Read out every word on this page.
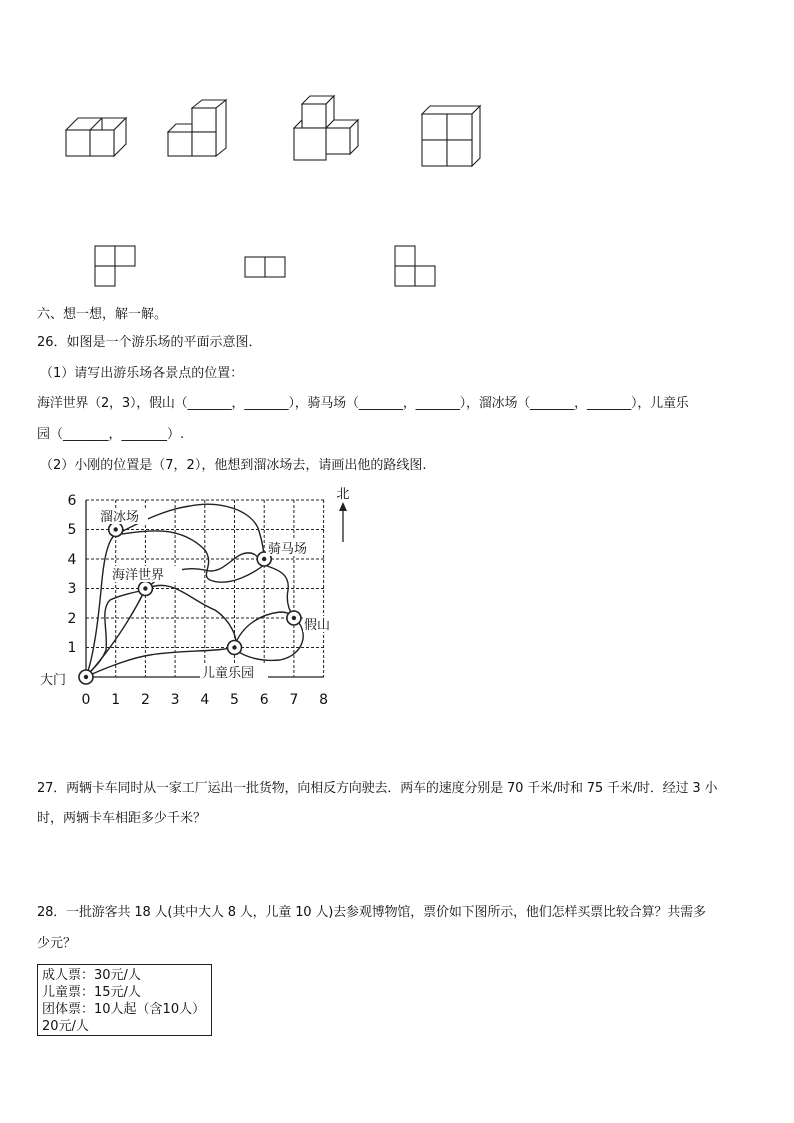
六、想一想，解一解。
26．如图是一个游乐场的平面示意图．
（1）请写出游乐场各景点的位置：
海洋世界（2，3），假山（_______，_______），骑马场（_______，_______），溜冰场（_______，_______），儿童乐
园（_______，_______）.
（2）小刚的位置是（7，2），他想到溜冰场去，请画出他的路线图.
溜冰场
骑马场
海洋世界
假山
儿童乐园
大门
0 1 2 3 4 5 6 7 8
1
2
3
4
5
6	北
27．两辆卡车同时从一家工厂运出一批货物，向相反方向驶去．两车的速度分别是 70 千米/时和 75 千米/时．经过 3 小
时，两辆卡车相距多少千米？
28．一批游客共 18 人(其中大人 8 人，儿童 10 人)去参观博物馆，票价如下图所示，他们怎样买票比较合算？共需多
少元？
成人票：30元/人
儿童票：15元/人
团体票：10人起（含10人）
20元/人
